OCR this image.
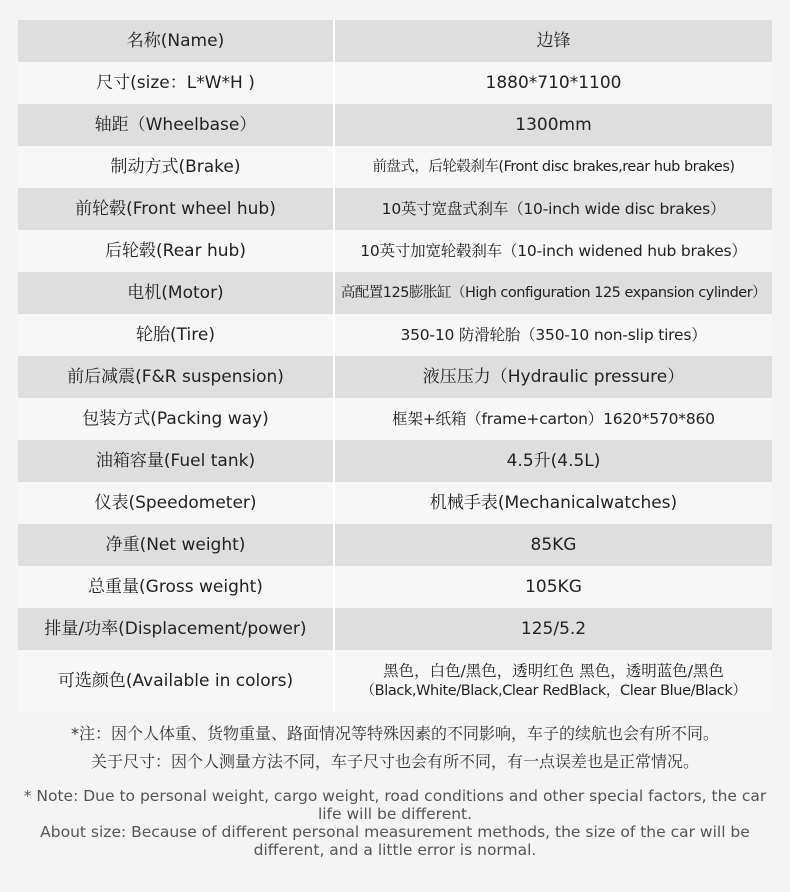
名称(Name)	边锋
尺寸(size：L*W*H )	1880*710*1100
轴距（Wheelbase）	1300mm
制动方式(Brake)	前盘式，后轮毂刹车(Front disc brakes,rear hub brakes)
前轮毂(Front wheel hub)	10英寸宽盘式刹车（10-inch wide disc brakes）
后轮毂(Rear hub)	10英寸加宽轮毂刹车（10-inch widened hub brakes）
电机(Motor)	高配置125膨胀缸（High configuration 125 expansion cylinder）
轮胎(Tire)	350-10 防滑轮胎（350-10 non-slip tires）
前后减震(F&R suspension)	液压压力（Hydraulic pressure）
包装方式(Packing way)	框架+纸箱（frame+carton）1620*570*860
油箱容量(Fuel tank)	4.5升(4.5L)
仪表(Speedometer)	机械手表(Mechanicalwatches)
净重(Net weight)	85KG
总重量(Gross weight)	105KG
排量/功率(Displacement/power)	125/5.2
可选颜色(Available in colors)	黑色，白色/黑色，透明红色 黑色，透明蓝色/黑色
（Black,White/Black,Clear RedBlack，Clear Blue/Black）
*注：因个人体重、货物重量、路面情况等特殊因素的不同影响，车子的续航也会有所不同。
关于尺寸：因个人测量方法不同，车子尺寸也会有所不同，有一点误差也是正常情况。
* Note: Due to personal weight, cargo weight, road conditions and other special factors, the car life will be different.
About size: Because of different personal measurement methods, the size of the car will be different, and a little error is normal.
